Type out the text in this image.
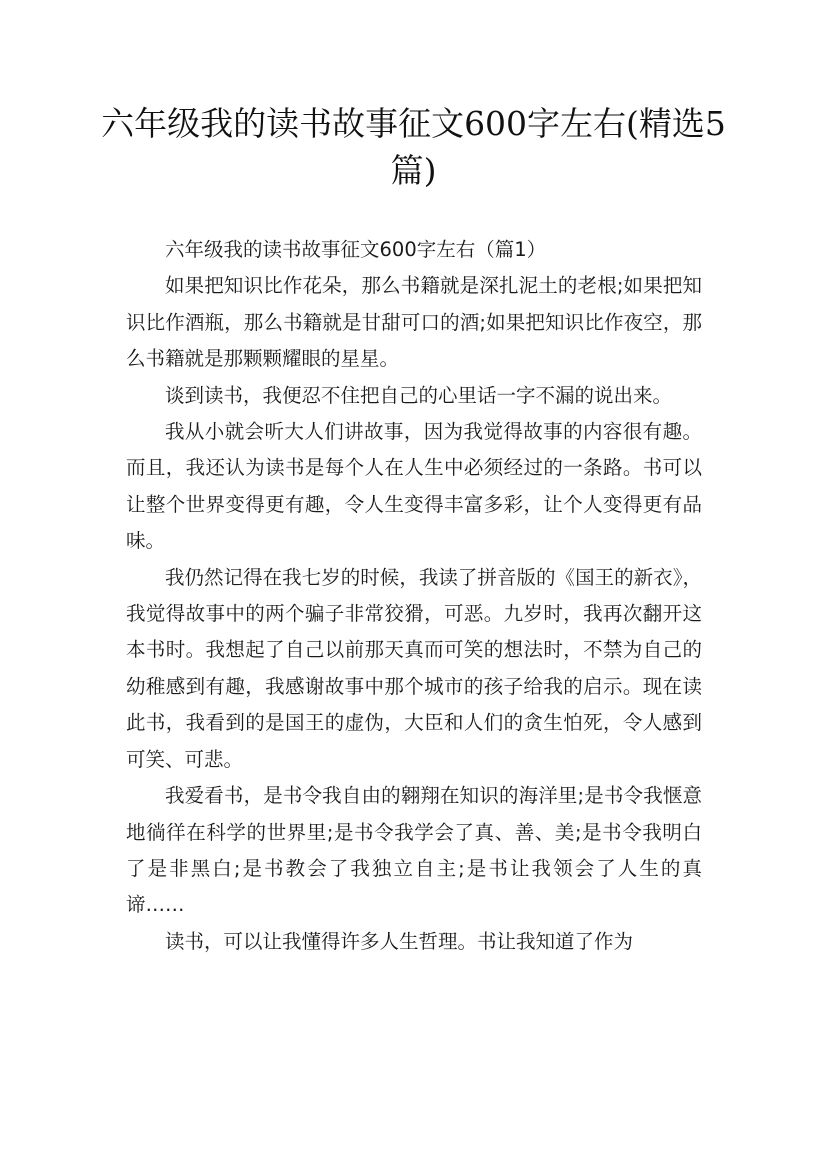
六年级我的读书故事征文600字左右(精选5篇)

六年级我的读书故事征文600字左右（篇1）

如果把知识比作花朵，那么书籍就是深扎泥土的老根;如果把知识比作酒瓶，那么书籍就是甘甜可口的酒;如果把知识比作夜空，那么书籍就是那颗颗耀眼的星星。

谈到读书，我便忍不住把自己的心里话一字不漏的说出来。

我从小就会听大人们讲故事，因为我觉得故事的内容很有趣。而且，我还认为读书是每个人在人生中必须经过的一条路。书可以让整个世界变得更有趣，令人生变得丰富多彩，让个人变得更有品味。

我仍然记得在我七岁的时候，我读了拼音版的《国王的新衣》，我觉得故事中的两个骗子非常狡猾，可恶。九岁时，我再次翻开这本书时。我想起了自己以前那天真而可笑的想法时，不禁为自己的幼稚感到有趣，我感谢故事中那个城市的孩子给我的启示。现在读此书，我看到的是国王的虚伪，大臣和人们的贪生怕死，令人感到可笑、可悲。

我爱看书，是书令我自由的翱翔在知识的海洋里;是书令我惬意地徜徉在科学的世界里;是书令我学会了真、善、美;是书令我明白了是非黑白;是书教会了我独立自主;是书让我领会了人生的真谛……

读书，可以让我懂得许多人生哲理。书让我知道了作为
